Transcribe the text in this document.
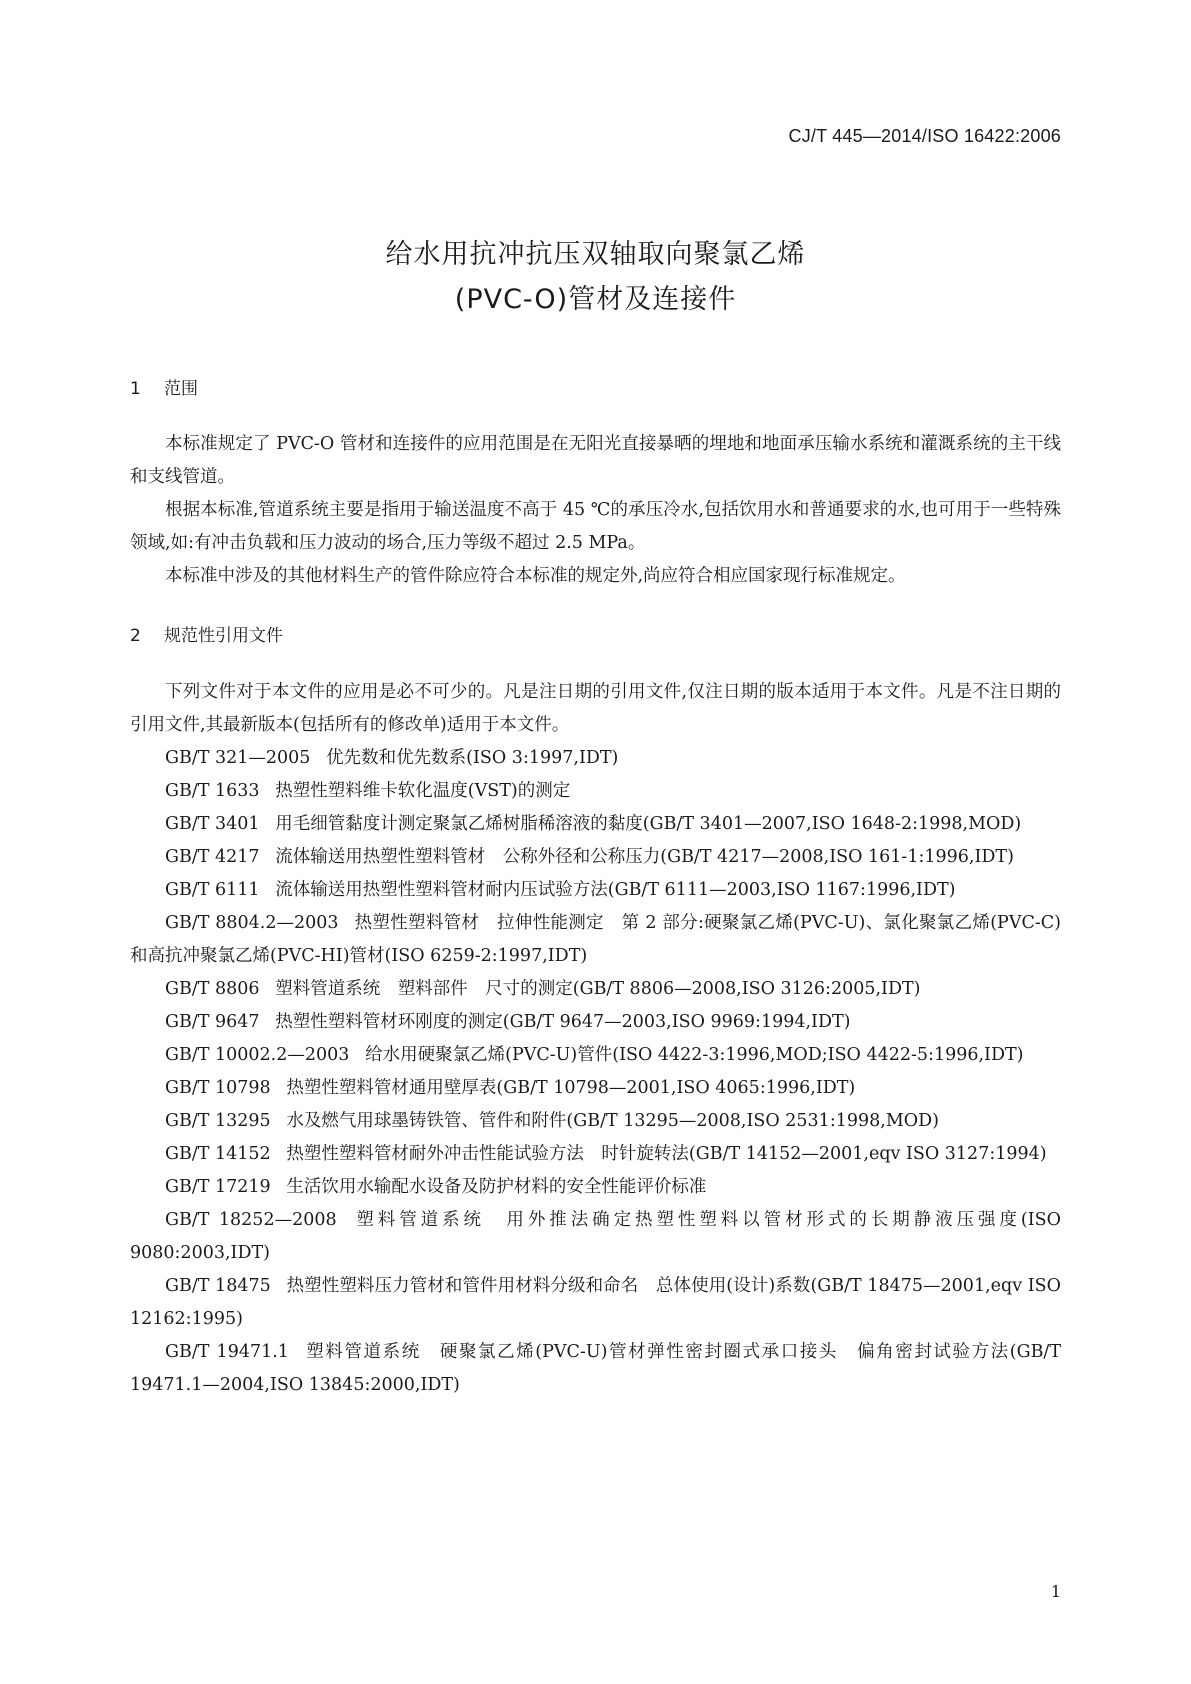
CJ/T 445—2014/ISO 16422:2006
给水用抗冲抗压双轴取向聚氯乙烯
(PVC-O)管材及连接件
1 范围

本标准规定了 PVC-O 管材和连接件的应用范围是在无阳光直接暴晒的埋地和地面承压输水系统和灌溉系统的主干线和支线管道。

根据本标准,管道系统主要是指用于输送温度不高于 45 ℃的承压冷水,包括饮用水和普通要求的水,也可用于一些特殊领域,如:有冲击负载和压力波动的场合,压力等级不超过 2.5 MPa。

本标准中涉及的其他材料生产的管件除应符合本标准的规定外,尚应符合相应国家现行标准规定。

2 规范性引用文件

下列文件对于本文件的应用是必不可少的。凡是注日期的引用文件,仅注日期的版本适用于本文件。凡是不注日期的引用文件,其最新版本(包括所有的修改单)适用于本文件。

GB/T 321—2005 优先数和优先数系(ISO 3:1997,IDT)

GB/T 1633 热塑性塑料维卡软化温度(VST)的测定

GB/T 3401 用毛细管黏度计测定聚氯乙烯树脂稀溶液的黏度(GB/T 3401—2007,ISO 1648-2:1998,MOD)

GB/T 4217 流体输送用热塑性塑料管材　公称外径和公称压力(GB/T 4217—2008,ISO 161-1:1996,IDT)

GB/T 6111 流体输送用热塑性塑料管材耐内压试验方法(GB/T 6111—2003,ISO 1167:1996,IDT)

GB/T 8804.2—2003 热塑性塑料管材　拉伸性能测定　第 2 部分:硬聚氯乙烯(PVC-U)、氯化聚氯乙烯(PVC-C)和高抗冲聚氯乙烯(PVC-HI)管材(ISO 6259-2:1997,IDT)

GB/T 8806 塑料管道系统　塑料部件　尺寸的测定(GB/T 8806—2008,ISO 3126:2005,IDT)

GB/T 9647 热塑性塑料管材环刚度的测定(GB/T 9647—2003,ISO 9969:1994,IDT)

GB/T 10002.2—2003 给水用硬聚氯乙烯(PVC-U)管件(ISO 4422-3:1996,MOD;ISO 4422-5:1996,IDT)

GB/T 10798 热塑性塑料管材通用壁厚表(GB/T 10798—2001,ISO 4065:1996,IDT)

GB/T 13295 水及燃气用球墨铸铁管、管件和附件(GB/T 13295—2008,ISO 2531:1998,MOD)

GB/T 14152 热塑性塑料管材耐外冲击性能试验方法　时针旋转法(GB/T 14152—2001,eqv ISO 3127:1994)

GB/T 17219 生活饮用水输配水设备及防护材料的安全性能评价标准

GB/T 18252—2008 塑料管道系统　用外推法确定热塑性塑料以管材形式的长期静液压强度(ISO 9080:2003,IDT)

GB/T 18475 热塑性塑料压力管材和管件用材料分级和命名　总体使用(设计)系数(GB/T 18475—2001,eqv ISO 12162:1995)

GB/T 19471.1 塑料管道系统　硬聚氯乙烯(PVC-U)管材弹性密封圈式承口接头　偏角密封试验方法(GB/T 19471.1—2004,ISO 13845:2000,IDT)

1
